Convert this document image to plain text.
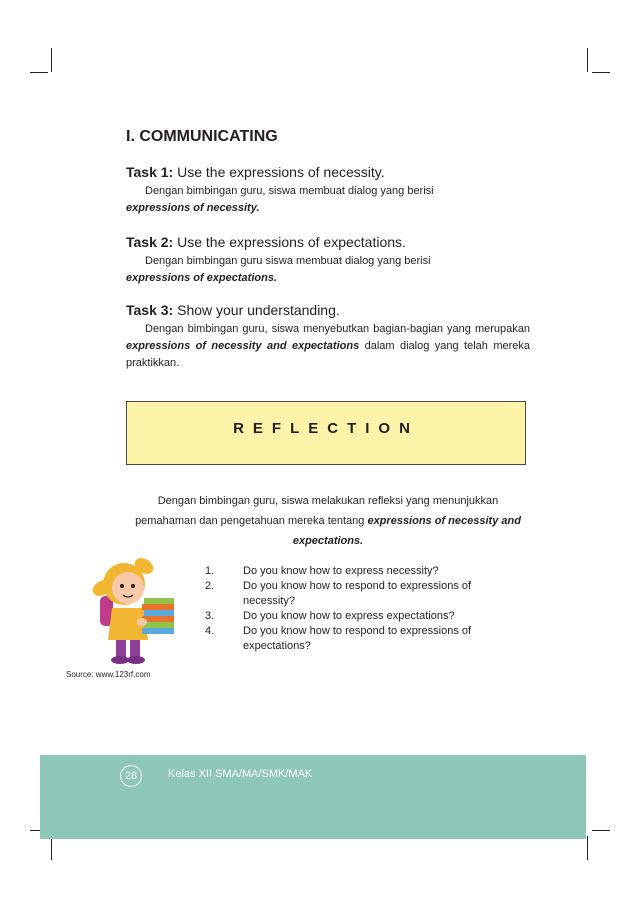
I. COMMUNICATING
Task 1: Use the expressions of necessity.
Dengan bimbingan guru, siswa membuat dialog yang berisi
expressions of necessity.
Task 2: Use the expressions of expectations.
Dengan bimbingan guru siswa membuat dialog yang berisi
expressions of expectations.
Task 3: Show your understanding.
Dengan bimbingan guru, siswa menyebutkan bagian-bagian yang merupakan expressions of necessity and expectations dalam dialog yang telah mereka praktikkan.
REFLECTION
Dengan bimbingan guru, siswa melakukan refleksi yang menunjukkan pemahaman dan pengetahuan mereka tentang expressions of necessity and expectations.
1.	Do you know how to express necessity?
2.	Do you know how to respond to expressions of necessity?
3.	Do you know how to express expectations?
4.	Do you know how to respond to expressions of expectations?
Source: www.123rf.com
28	Kelas XII SMA/MA/SMK/MAK
